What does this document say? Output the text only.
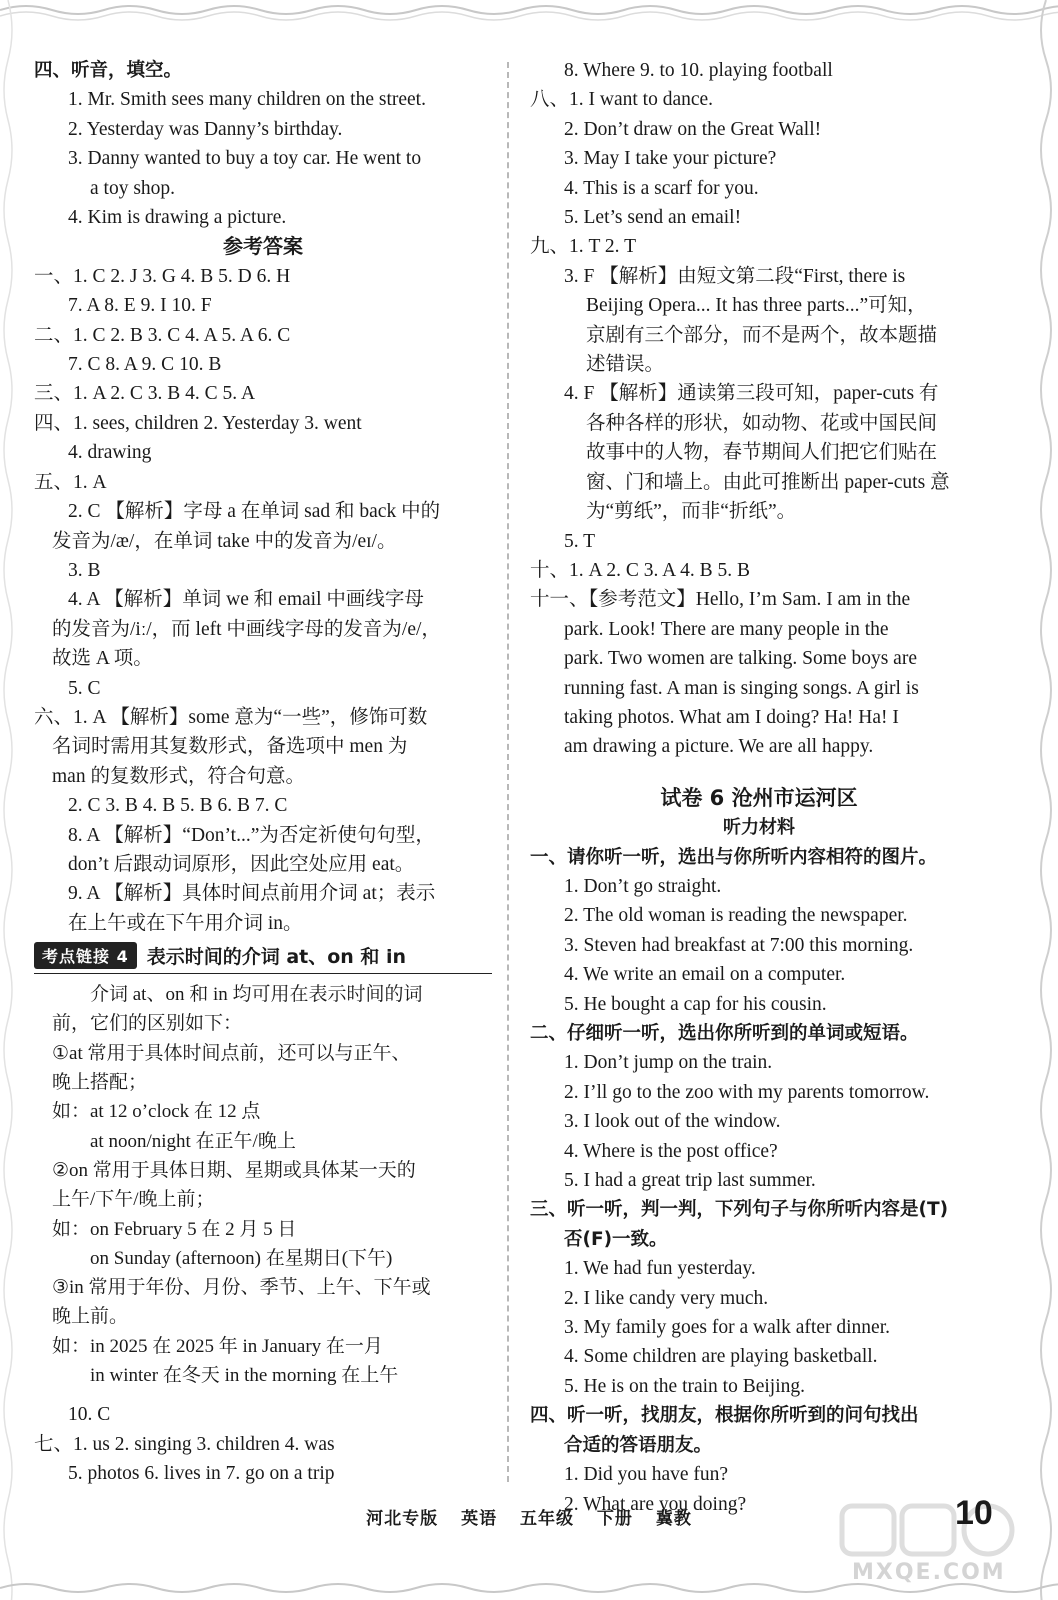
四、听音，填空。
1. Mr. Smith sees many children on the street.
2. Yesterday was Danny’s birthday.
3. Danny wanted to buy a toy car. He went to
a toy shop.
4. Kim is drawing a picture.
参考答案
一、1. C 2. J 3. G 4. B 5. D 6. H
7. A 8. E 9. I 10. F
二、1. C 2. B 3. C 4. A 5. A 6. C
7. C 8. A 9. C 10. B
三、1. A 2. C 3. B 4. C 5. A
四、1. sees, children 2. Yesterday 3. went
4. drawing
五、1. A
2. C 【解析】字母 a 在单词 sad 和 back 中的
发音为/æ/，在单词 take 中的发音为/eɪ/。
3. B
4. A 【解析】单词 we 和 email 中画线字母
的发音为/iː/，而 left 中画线字母的发音为/e/，
故选 A 项。
5. C
六、1. A 【解析】some 意为“一些”，修饰可数
名词时需用其复数形式，备选项中 men 为
man 的复数形式，符合句意。
2. C 3. B 4. B 5. B 6. B 7. C
8. A 【解析】“Don’t...”为否定祈使句句型，
don’t 后跟动词原形，因此空处应用 eat。
9. A 【解析】具体时间点前用介词 at；表示
在上午或在下午用介词 in。
考点链接 4 表示时间的介词 at、on 和 in
介词 at、on 和 in 均可用在表示时间的词
前，它们的区别如下：
①at 常用于具体时间点前，还可以与正午、
晚上搭配；
如：at 12 o’clock 在 12 点
at noon/night 在正午/晚上
②on 常用于具体日期、星期或具体某一天的
上午/下午/晚上前；
如：on February 5 在 2 月 5 日
on Sunday (afternoon) 在星期日(下午)
③in 常用于年份、月份、季节、上午、下午或
晚上前。
如：in 2025 在 2025 年 in January 在一月
in winter 在冬天 in the morning 在上午
10. C
七、1. us 2. singing 3. children 4. was
5. photos 6. lives in 7. go on a trip
8. Where 9. to 10. playing football
八、1. I want to dance.
2. Don’t draw on the Great Wall!
3. May I take your picture?
4. This is a scarf for you.
5. Let’s send an email!
九、1. T 2. T
3. F 【解析】由短文第二段“First, there is
Beijing Opera... It has three parts...”可知，
京剧有三个部分，而不是两个，故本题描
述错误。
4. F 【解析】通读第三段可知，paper-cuts 有
各种各样的形状，如动物、花或中国民间
故事中的人物，春节期间人们把它们贴在
窗、门和墙上。由此可推断出 paper-cuts 意
为“剪纸”，而非“折纸”。
5. T
十、1. A 2. C 3. A 4. B 5. B
十一、【参考范文】Hello, I’m Sam. I am in the
park. Look! There are many people in the
park. Two women are talking. Some boys are
running fast. A man is singing songs. A girl is
taking photos. What am I doing? Ha! Ha! I
am drawing a picture. We are all happy.
试卷 6 沧州市运河区
听力材料
一、请你听一听，选出与你所听内容相符的图片。
1. Don’t go straight.
2. The old woman is reading the newspaper.
3. Steven had breakfast at 7:00 this morning.
4. We write an email on a computer.
5. He bought a cap for his cousin.
二、仔细听一听，选出你所听到的单词或短语。
1. Don’t jump on the train.
2. I’ll go to the zoo with my parents tomorrow.
3. I look out of the window.
4. Where is the post office?
5. I had a great trip last summer.
三、听一听，判一判，下列句子与你所听内容是(T)
否(F)一致。
1. We had fun yesterday.
2. I like candy very much.
3. My family goes for a walk after dinner.
4. Some children are playing basketball.
5. He is on the train to Beijing.
四、听一听，找朋友，根据你所听到的问句找出
合适的答语朋友。
1. Did you have fun?
2. What are you doing?
河北专版 英语 五年级 下册 冀教
MXQE.COM
10
